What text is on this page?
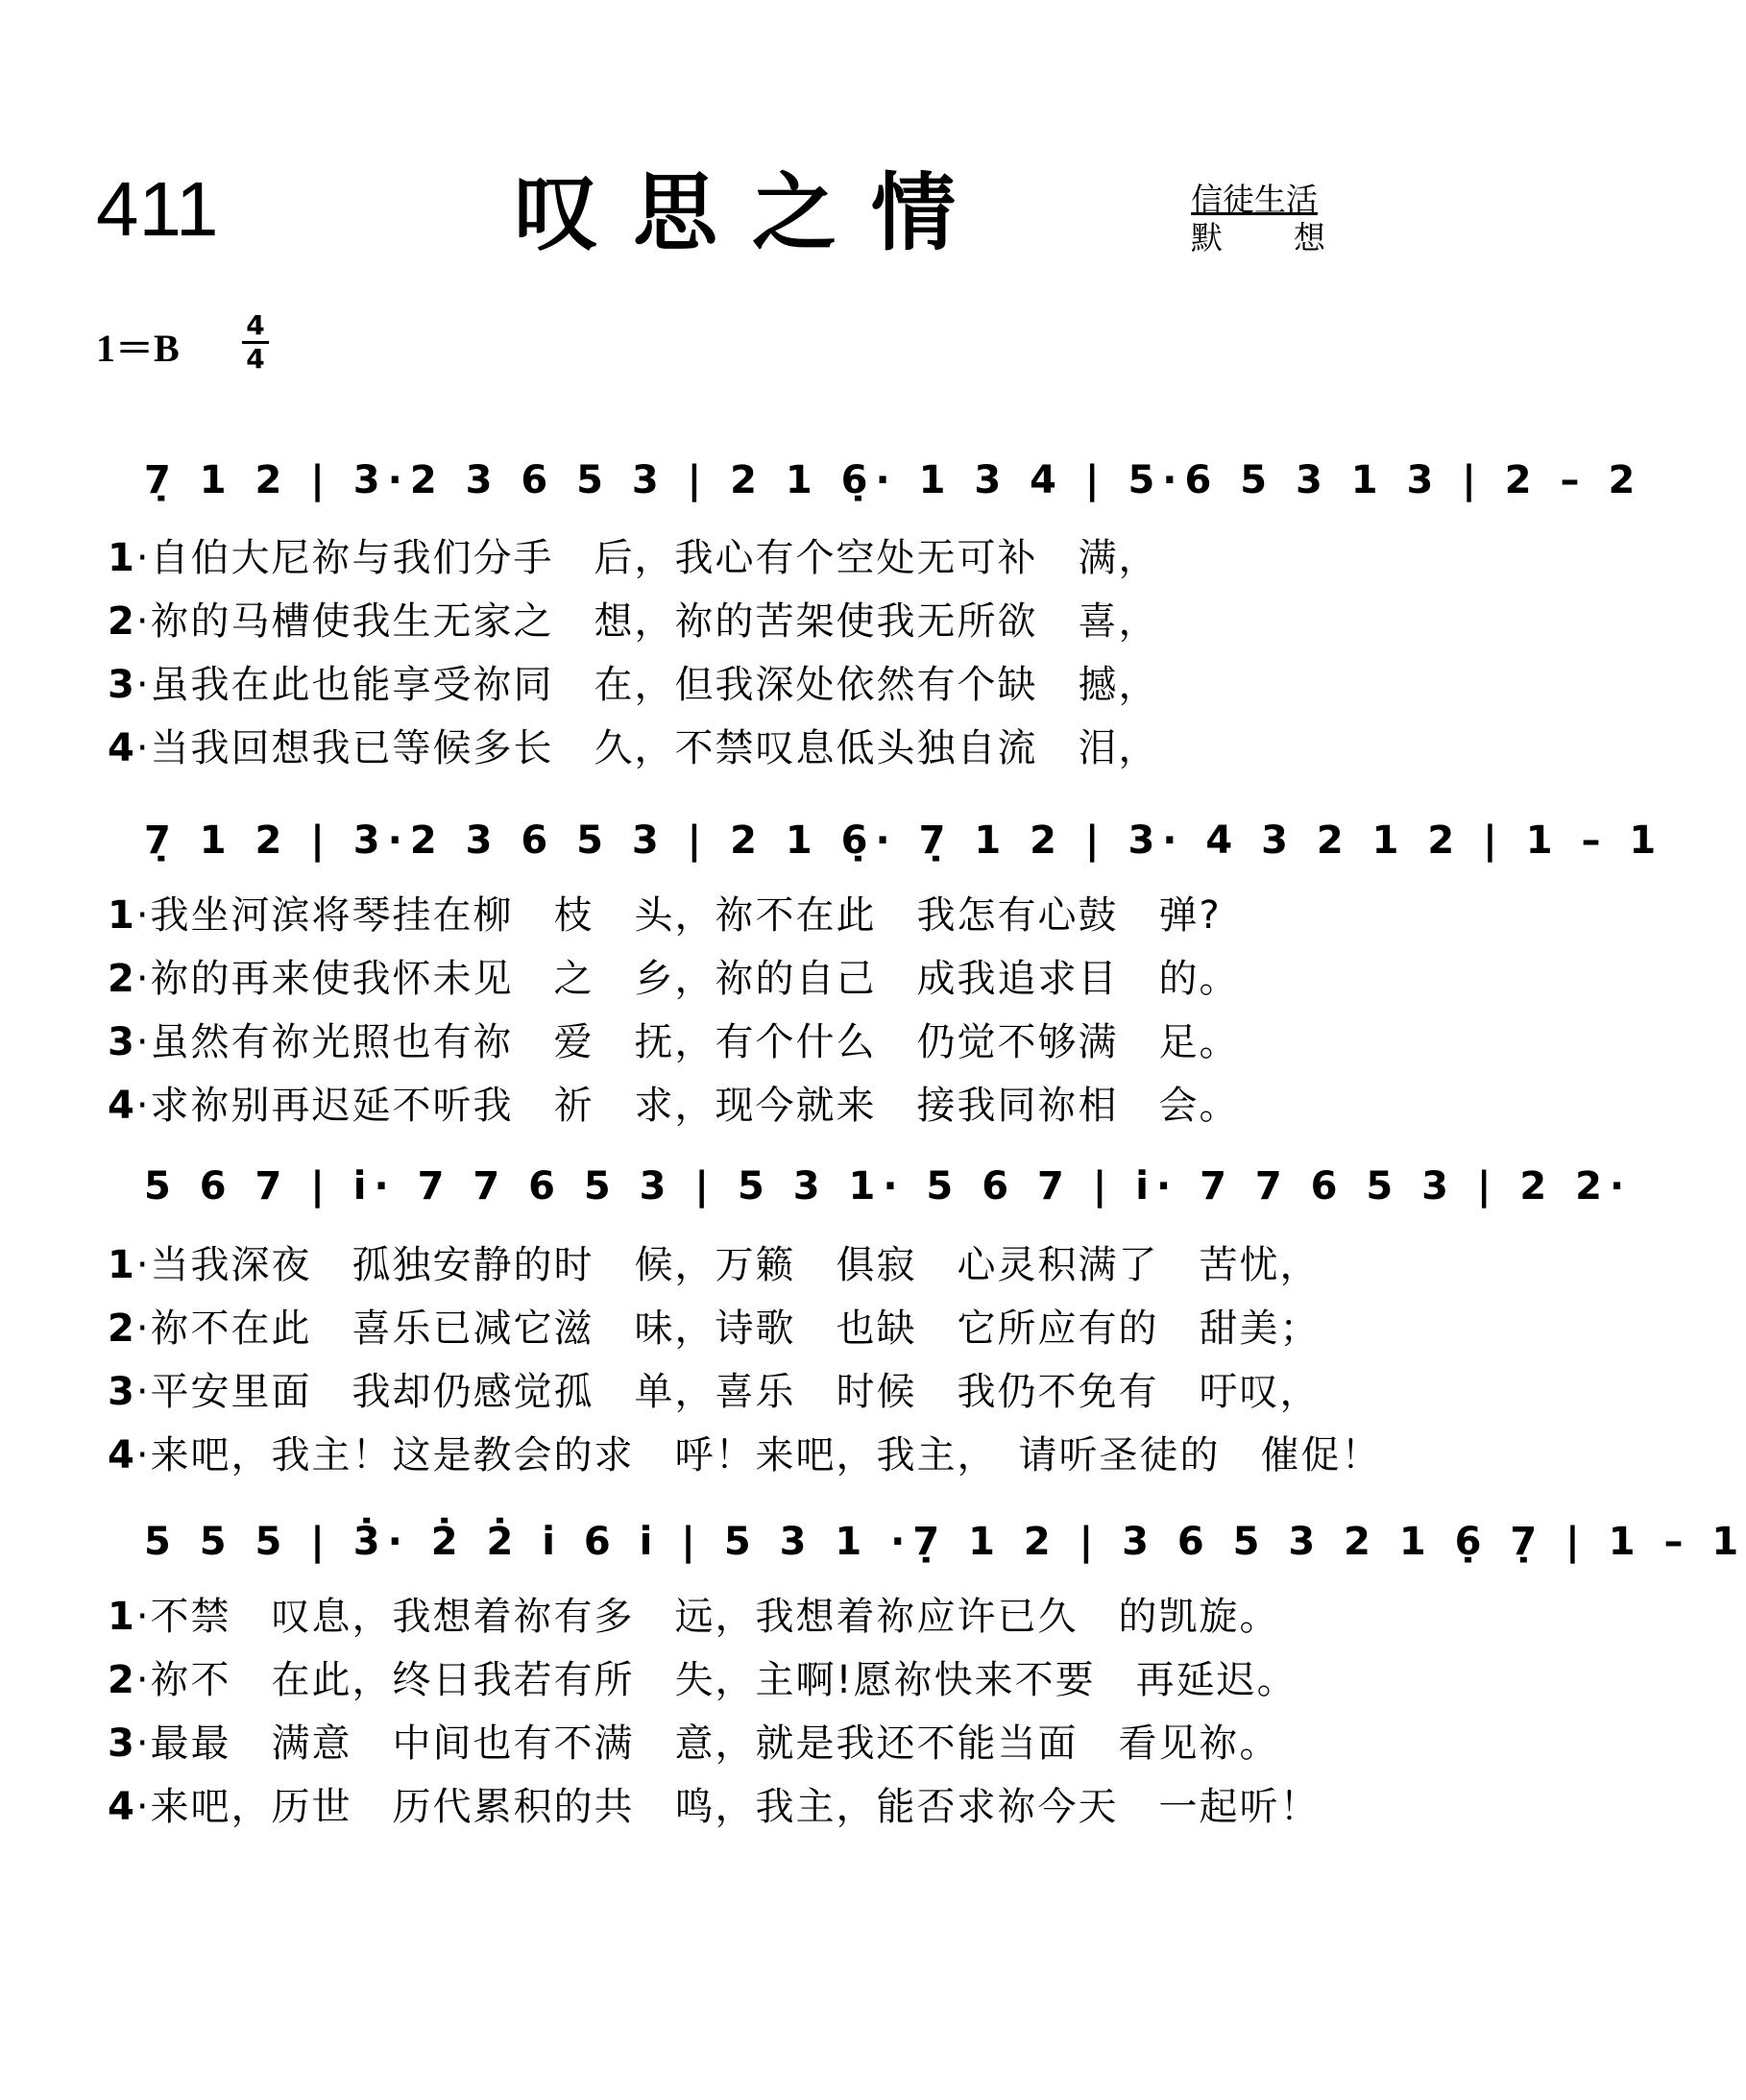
411	叹思之情	信徒生活
默想
$1=B \frac{4}{4}$
7̣ 1 2 | 3·2 3 6 5 3 | 2 1 6̣· 1 3 4 | 5·6 5 3 1 3 | 2 – 2
1·自伯大尼祢与我们分手　后，我心有个空处无可补　满，
2·祢的马槽使我生无家之　想，祢的苦架使我无所欲　喜，
3·虽我在此也能享受祢同　在，但我深处依然有个缺　撼，
4·当我回想我已等候多长　久，不禁叹息低头独自流　泪，
7̣ 1 2 | 3·2 3 6 5 3 | 2 1 6̣· 7̣ 1 2 | 3· 4 3 2 1 2 | 1 – 1
1·我坐河滨将琴挂在柳　枝　头，祢不在此　我怎有心鼓　弹?
2·祢的再来使我怀未见　之　乡，祢的自己　成我追求目　的。
3·虽然有祢光照也有祢　爱　抚，有个什么　仍觉不够满　足。
4·求祢别再迟延不听我　祈　求，现今就来　接我同祢相　会。
5 6 7 | i̇· 7 7 6 5 3 | 5 3 1· 5 6 7 | i̇· 7 7 6 5 3 | 2 2·
1·当我深夜　孤独安静的时　候，万籁　俱寂　心灵积满了　苦忧，
2·祢不在此　喜乐已减它滋　味，诗歌　也缺　它所应有的　甜美；
3·平安里面　我却仍感觉孤　单，喜乐　时候　我仍不免有　吁叹，
4·来吧，我主！这是教会的求　呼！来吧，我主，　请听圣徒的　催促！
5 5 5 | 3̇· 2̇ 2̇ i̇ 6 i̇ | 5 3 1 ·7̣ 1 2 | 3 6 5 3 2 1 6̣ 7̣ | 1 – 1
1·不禁　叹息，我想着祢有多　远，我想着祢应许已久　的凯旋。
2·祢不　在此，终日我若有所　失，主啊!愿祢快来不要　再延迟。
3·最最　满意　中间也有不满　意，就是我还不能当面　看见祢。
4·来吧，历世　历代累积的共　鸣，我主，能否求祢今天　一起听！
